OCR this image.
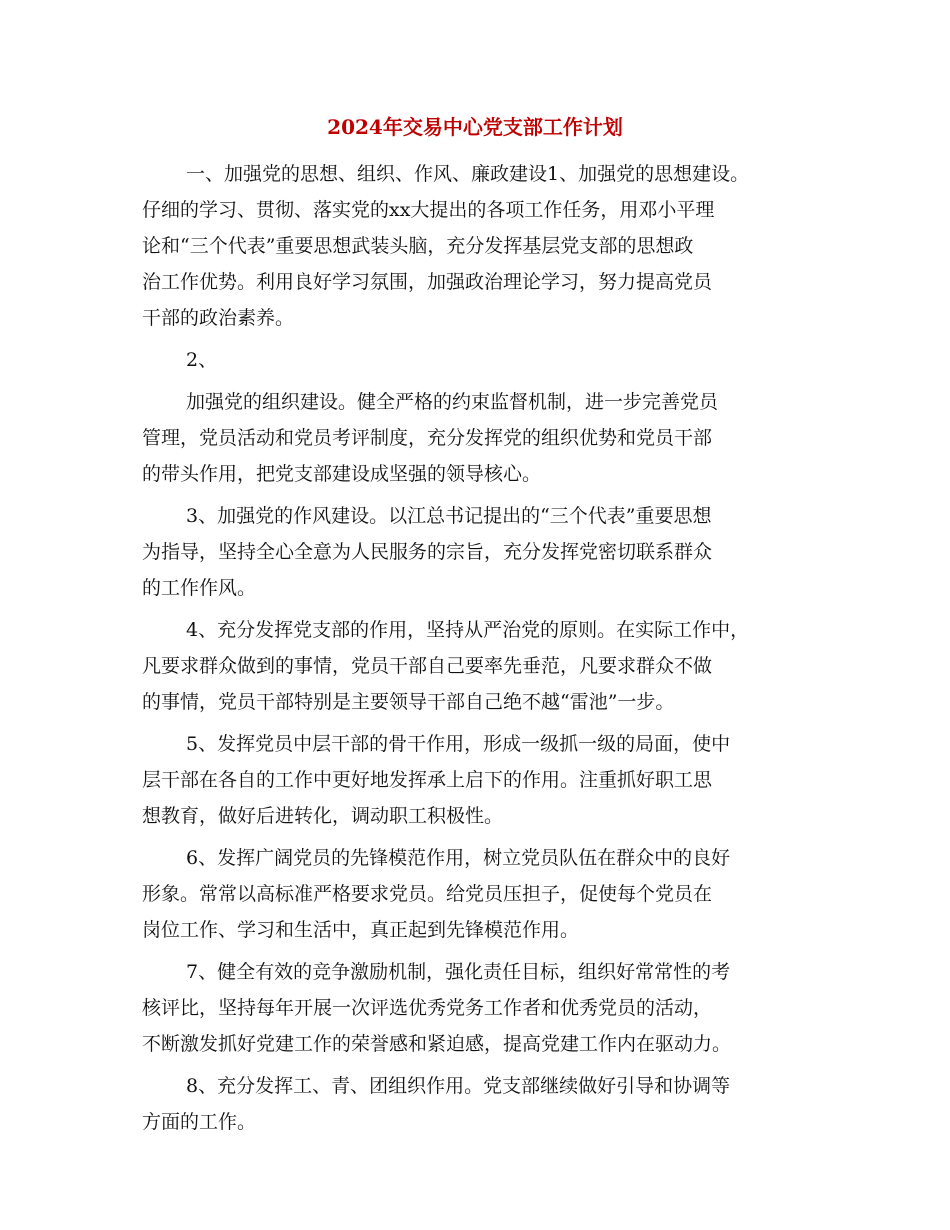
2024年交易中心党支部工作计划
一、加强党的思想、组织、作风、廉政建设1、加强党的思想建设。
仔细的学习、贯彻、落实党的xx大提出的各项工作任务，用邓小平理
论和“三个代表”重要思想武装头脑，充分发挥基层党支部的思想政
治工作优势。利用良好学习氛围，加强政治理论学习，努力提高党员
干部的政治素养。
2、
加强党的组织建设。健全严格的约束监督机制，进一步完善党员
管理，党员活动和党员考评制度，充分发挥党的组织优势和党员干部
的带头作用，把党支部建设成坚强的领导核心。
3、加强党的作风建设。以江总书记提出的“三个代表”重要思想
为指导，坚持全心全意为人民服务的宗旨，充分发挥党密切联系群众
的工作作风。
4、充分发挥党支部的作用，坚持从严治党的原则。在实际工作中，
凡要求群众做到的事情，党员干部自己要率先垂范，凡要求群众不做
的事情，党员干部特别是主要领导干部自己绝不越“雷池”一步。
5、发挥党员中层干部的骨干作用，形成一级抓一级的局面，使中
层干部在各自的工作中更好地发挥承上启下的作用。注重抓好职工思
想教育，做好后进转化，调动职工积极性。
6、发挥广阔党员的先锋模范作用，树立党员队伍在群众中的良好
形象。常常以高标准严格要求党员。给党员压担子，促使每个党员在
岗位工作、学习和生活中，真正起到先锋模范作用。
7、健全有效的竞争激励机制，强化责任目标，组织好常常性的考
核评比，坚持每年开展一次评选优秀党务工作者和优秀党员的活动，
不断激发抓好党建工作的荣誉感和紧迫感，提高党建工作内在驱动力。
8、充分发挥工、青、团组织作用。党支部继续做好引导和协调等
方面的工作。
